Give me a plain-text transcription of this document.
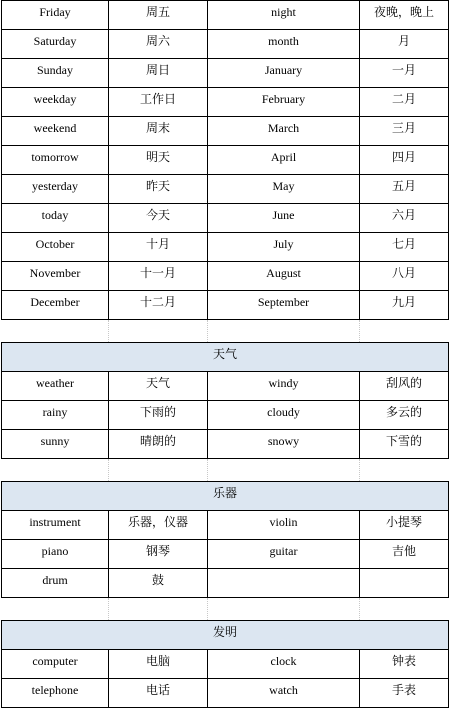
Friday	周五	night	夜晚，晚上
Saturday	周六	month	月
Sunday	周日	January	一月
weekday	工作日	February	二月
weekend	周末	March	三月
tomorrow	明天	April	四月
yesterday	昨天	May	五月
today	今天	June	六月
October	十月	July	七月
November	十一月	August	八月
December	十二月	September	九月

天气			
weather	天气	windy	刮风的
rainy	下雨的	cloudy	多云的
sunny	晴朗的	snowy	下雪的

乐器			
instrument	乐器，仪器	violin	小提琴
piano	钢琴	guitar	吉他
drum	鼓		

发明			
computer	电脑	clock	钟表
telephone	电话	watch	手表
